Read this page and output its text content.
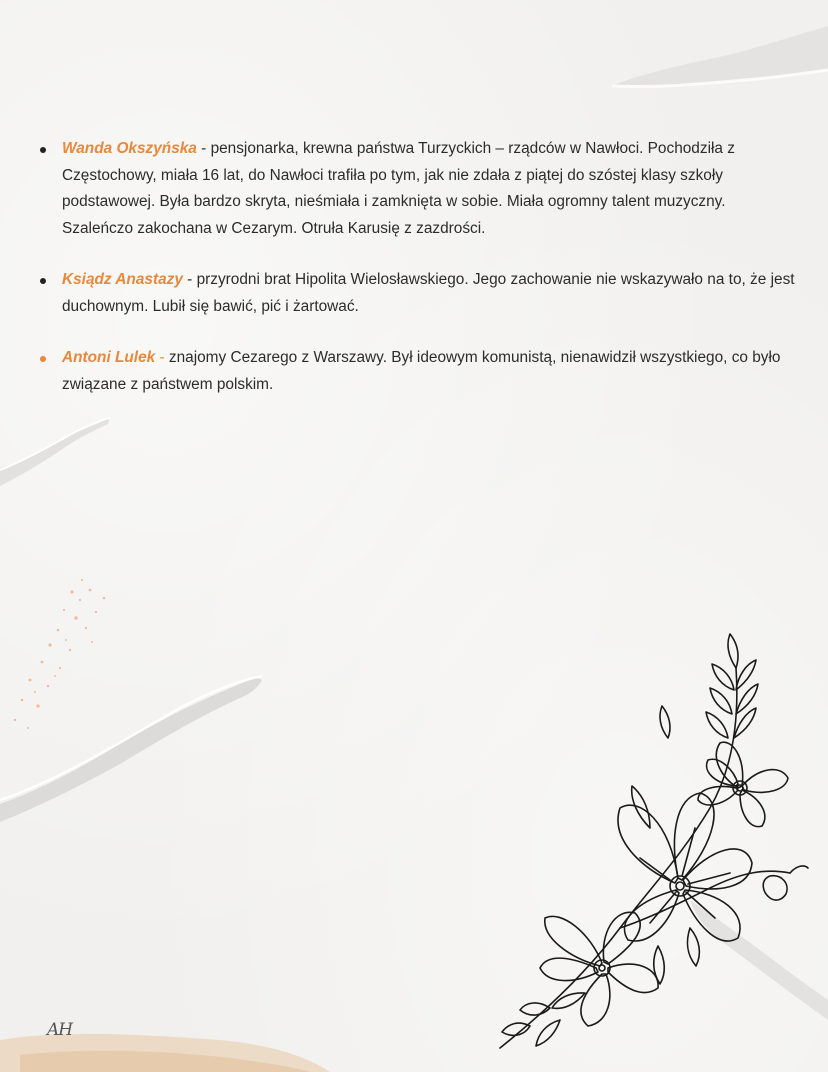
Wanda Okszyńska - pensjonarka, krewna państwa Turzyckich – rządców w Nawłoci. Pochodziła z Częstochowy, miała 16 lat, do Nawłoci trafiła po tym, jak nie zdała z piątej do szóstej klasy szkoły podstawowej. Była bardzo skryta, nieśmiała i zamknięta w sobie. Miała ogromny talent muzyczny. Szaleńczo zakochana w Cezarym. Otruła Karusię z zazdrości.

Ksiądz Anastazy - przyrodni brat Hipolita Wielosławskiego. Jego zachowanie nie wskazywało na to, że jest duchownym. Lubił się bawić, pić i żartować.

Antoni Lulek - znajomy Cezarego z Warszawy. Był ideowym komunistą, nienawidził wszystkiego, co było związane z państwem polskim.

AH
